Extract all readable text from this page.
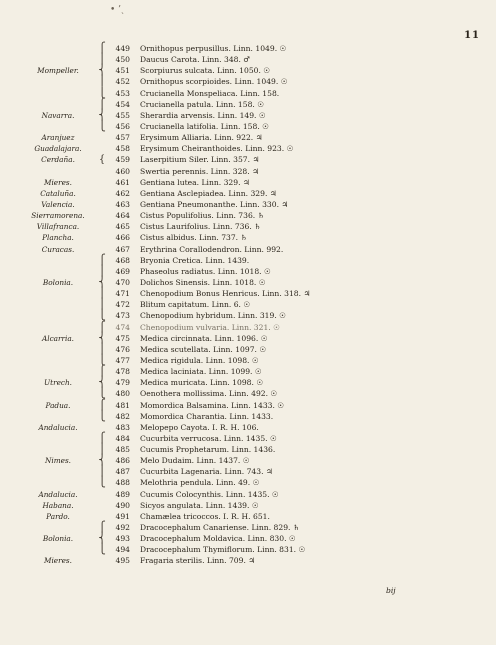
• ’ˏ
11
⎧	449 Ornithopus perpusillus. Linn. 1049. ☉
⎪	450 Daucus Carota. Linn. 348. ♂
Mompeller.	⎨	451 Scorpiurus sulcata. Linn. 1050. ☉
⎪	452 Ornithopus scorpioides. Linn. 1049. ☉
⎩	453 Crucianella Monspeliaca. Linn. 158.
⎧	454 Crucianella patula. Linn. 158. ☉
Navarra.	⎨	455 Sherardia arvensis. Linn. 149. ☉
⎩	456 Crucianella latifolia. Linn. 158. ☉
Aranjuez	457 Erysimum Alliaria. Linn. 922. ♃
Guadalajara.	458 Erysimum Cheiranthoides. Linn. 923. ☉
Cerdaña.	{	459 Laserpitium Siler. Linn. 357. ♃
460 Swertia perennis. Linn. 328. ♃
Mieres.	461 Gentiana lutea. Linn. 329. ♃
Cataluña.	462 Gentiana Asclepiadea. Linn. 329. ♃
Valencia.	463 Gentiana Pneumonanthe. Linn. 330. ♃
Sierramorena.	464 Cistus Populifolius. Linn. 736. ♄
Villafranca.	465 Cistus Laurifolius. Linn. 736. ♄
Plancha.	466 Cistus albidus. Linn. 737. ♄
Curacas.	467 Erythrina Corallodendron. Linn. 992.
⎧	468 Bryonia Cretica. Linn. 1439.
⎪	469 Phaseolus radiatus. Linn. 1018. ☉
Bolonia.	⎨	470 Dolichos Sinensis. Linn. 1018. ☉
⎪	471 Chenopodium Bonus Henricus. Linn. 318. ♃
⎪	472 Blitum capitatum. Linn. 6. ☉
⎩	473 Chenopodium hybridum. Linn. 319. ☉
⎧	474 Chenopodium vulvaria. Linn. 321. ☉
Alcarria.	⎨	475 Medica circinnata. Linn. 1096. ☉
⎪	476 Medica scutellata. Linn. 1097. ☉
⎩	477 Medica rigidula. Linn. 1098. ☉
⎧	478 Medica laciniata. Linn. 1099. ☉
Utrech.	⎨	479 Medica muricata. Linn. 1098. ☉
⎩	480 Oenothera mollissima. Linn. 492. ☉
Padua.	⎧	481 Momordica Balsamina. Linn. 1433. ☉
⎩	482 Momordica Charantia. Linn. 1433.
Andalucia.	483 Melopepo Cayota. I. R. H. 106.
⎧	484 Cucurbita verrucosa. Linn. 1435. ☉
⎪	485 Cucumis Prophetarum. Linn. 1436.
Nimes.	⎨	486 Melo Dudaim. Linn. 1437. ☉
⎪	487 Cucurbita Lagenaria. Linn. 743. ♃
⎩	488 Melothria pendula. Linn. 49. ☉
Andalucia.	489 Cucumis Colocynthis. Linn. 1435. ☉
Habana.	490 Sicyos angulata. Linn. 1439. ☉
Pardo.	491 Chamælea tricoccos. I. R. H. 651.
⎧	492 Dracocephalum Canariense. Linn. 829. ♄
Bolonia.	⎨	493 Dracocephalum Moldavica. Linn. 830. ☉
⎩	494 Dracocephalum Thymiflorum. Linn. 831. ☉
Mieres.	495 Fragaria sterilis. Linn. 709. ♃
bij
